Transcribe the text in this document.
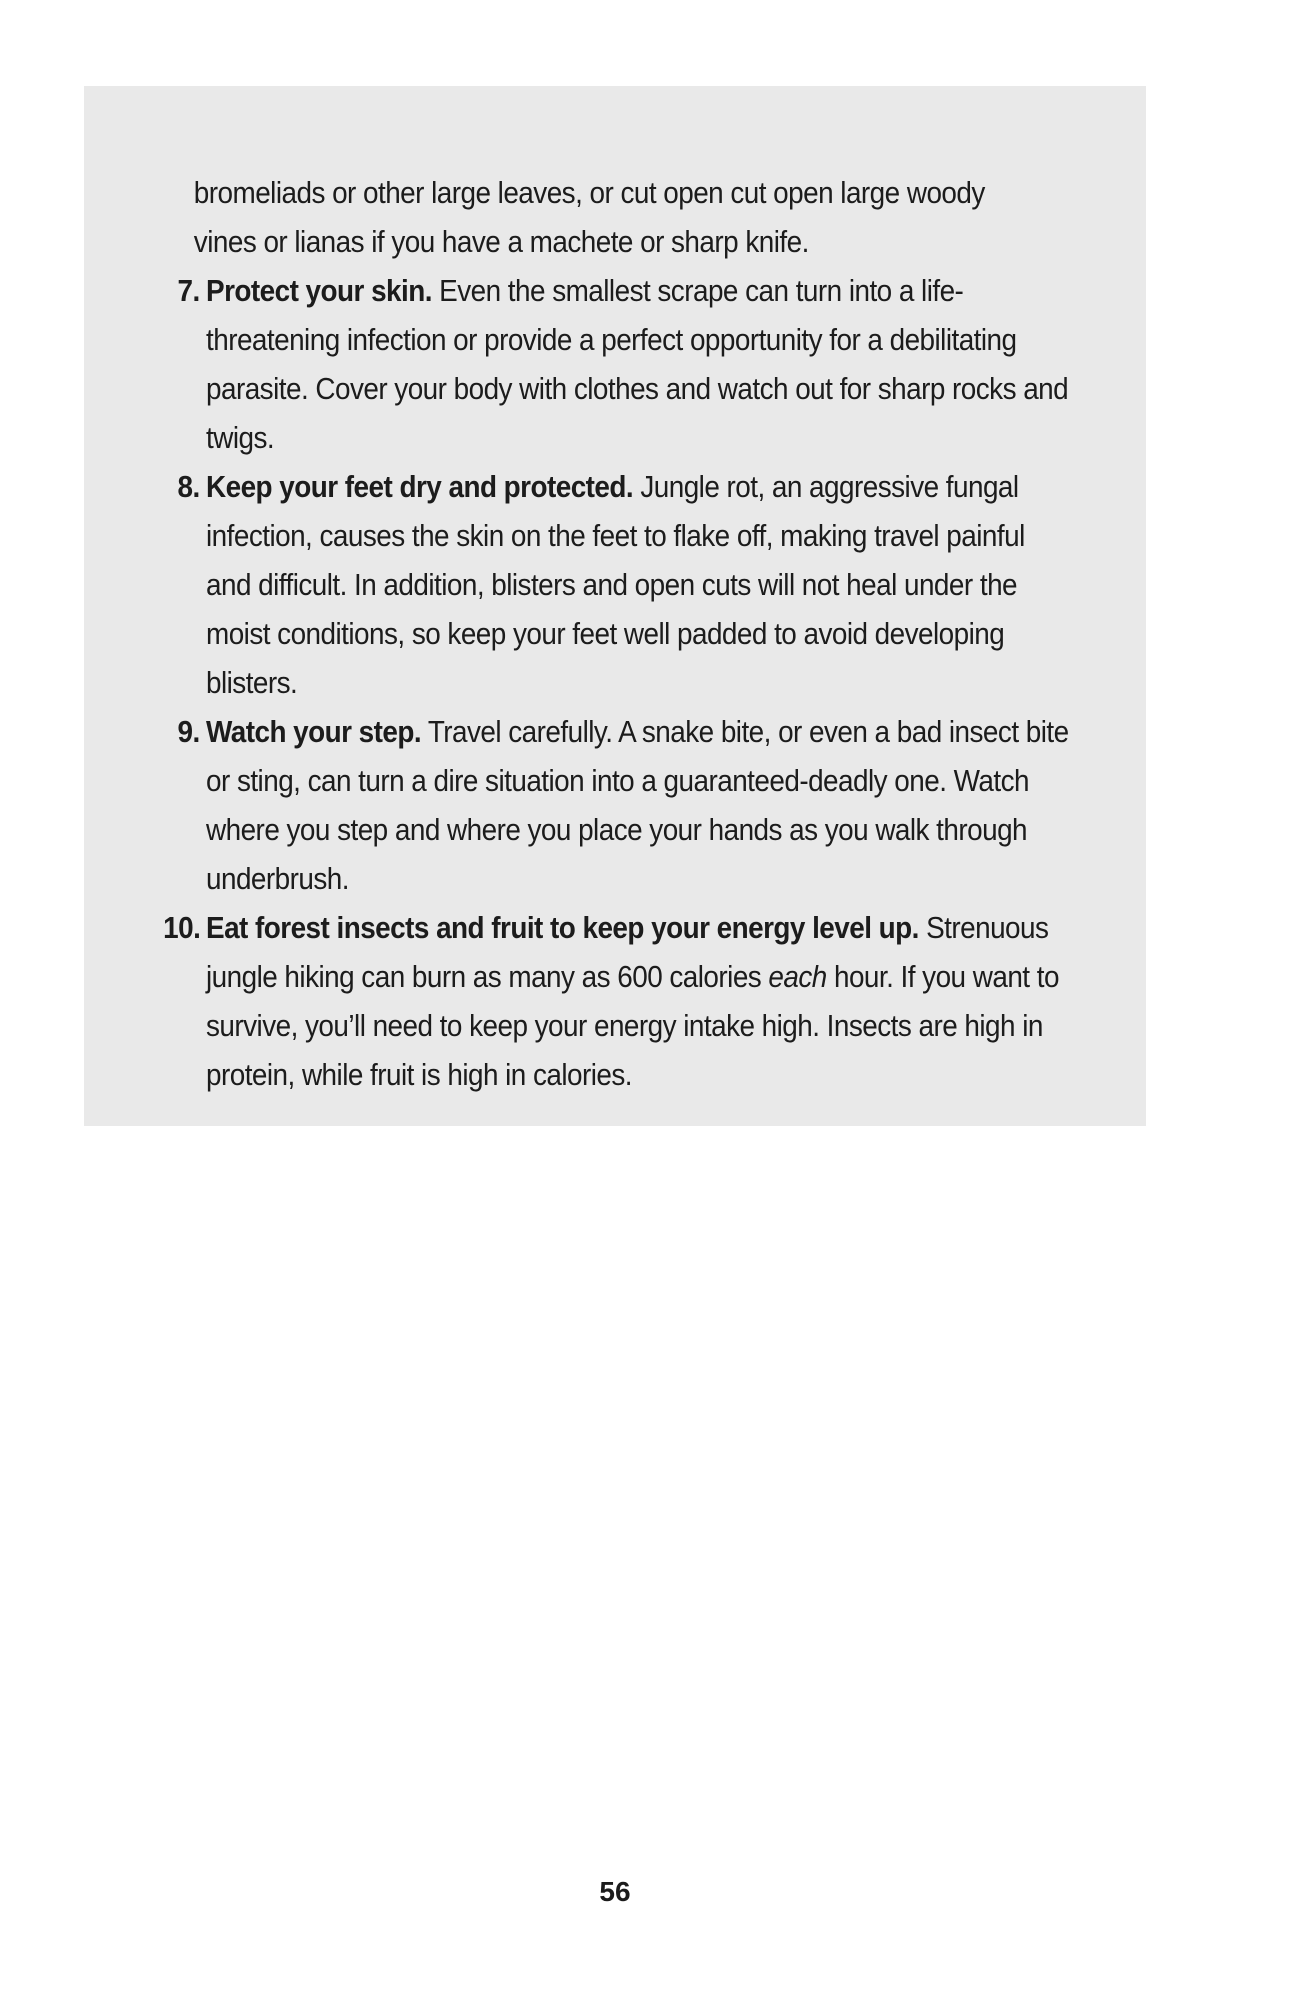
bromeliads or other large leaves, or cut open cut open large woody vines or lianas if you have a machete or sharp knife.

7. Protect your skin. Even the smallest scrape can turn into a life-threatening infection or provide a perfect opportunity for a debilitating parasite. Cover your body with clothes and watch out for sharp rocks and twigs.
8. Keep your feet dry and protected. Jungle rot, an aggressive fungal infection, causes the skin on the feet to flake off, making travel painful and difficult. In addition, blisters and open cuts will not heal under the moist conditions, so keep your feet well padded to avoid developing blisters.
9. Watch your step. Travel carefully. A snake bite, or even a bad insect bite or sting, can turn a dire situation into a guaranteed-deadly one. Watch where you step and where you place your hands as you walk through underbrush.
10. Eat forest insects and fruit to keep your energy level up. Strenuous jungle hiking can burn as many as 600 calories each hour. If you want to survive, you’ll need to keep your energy intake high. Insects are high in protein, while fruit is high in calories.
56
